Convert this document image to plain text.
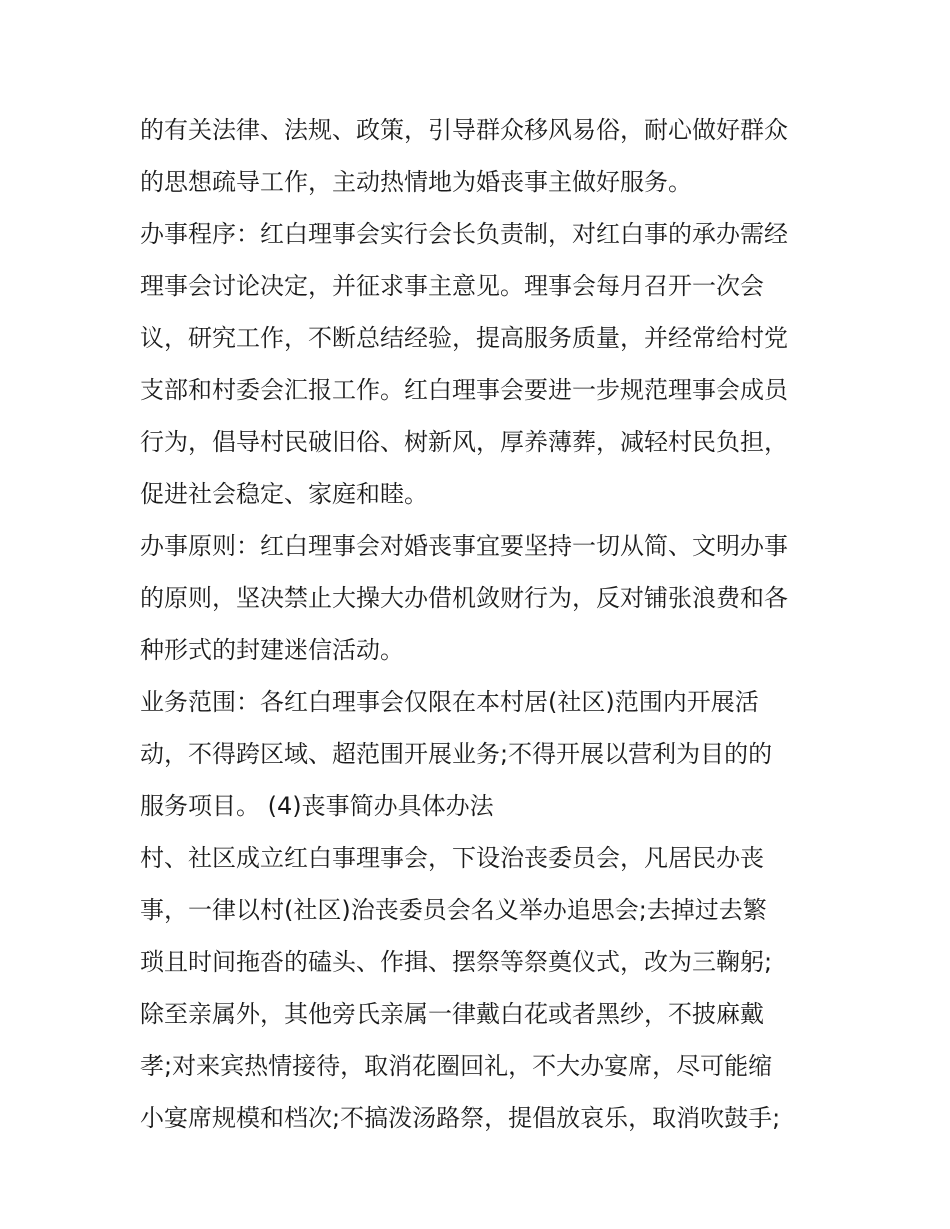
的有关法律、法规、政策，引导群众移风易俗，耐心做好群众
的思想疏导工作，主动热情地为婚丧事主做好服务。
办事程序：红白理事会实行会长负责制，对红白事的承办需经
理事会讨论决定，并征求事主意见。理事会每月召开一次会
议，研究工作，不断总结经验，提高服务质量，并经常给村党
支部和村委会汇报工作。红白理事会要进一步规范理事会成员
行为，倡导村民破旧俗、树新风，厚养薄葬，减轻村民负担，
促进社会稳定、家庭和睦。
办事原则：红白理事会对婚丧事宜要坚持一切从简、文明办事
的原则，坚决禁止大操大办借机敛财行为，反对铺张浪费和各
种形式的封建迷信活动。
业务范围：各红白理事会仅限在本村居(社区)范围内开展活
动，不得跨区域、超范围开展业务;不得开展以营利为目的的
服务项目。 (4)丧事简办具体办法
村、社区成立红白事理事会，下设治丧委员会，凡居民办丧
事，一律以村(社区)治丧委员会名义举办追思会;去掉过去繁
琐且时间拖沓的磕头、作揖、摆祭等祭奠仪式，改为三鞠躬;
除至亲属外，其他旁氏亲属一律戴白花或者黑纱，不披麻戴
孝;对来宾热情接待，取消花圈回礼，不大办宴席，尽可能缩
小宴席规模和档次;不搞泼汤路祭，提倡放哀乐，取消吹鼓手;
